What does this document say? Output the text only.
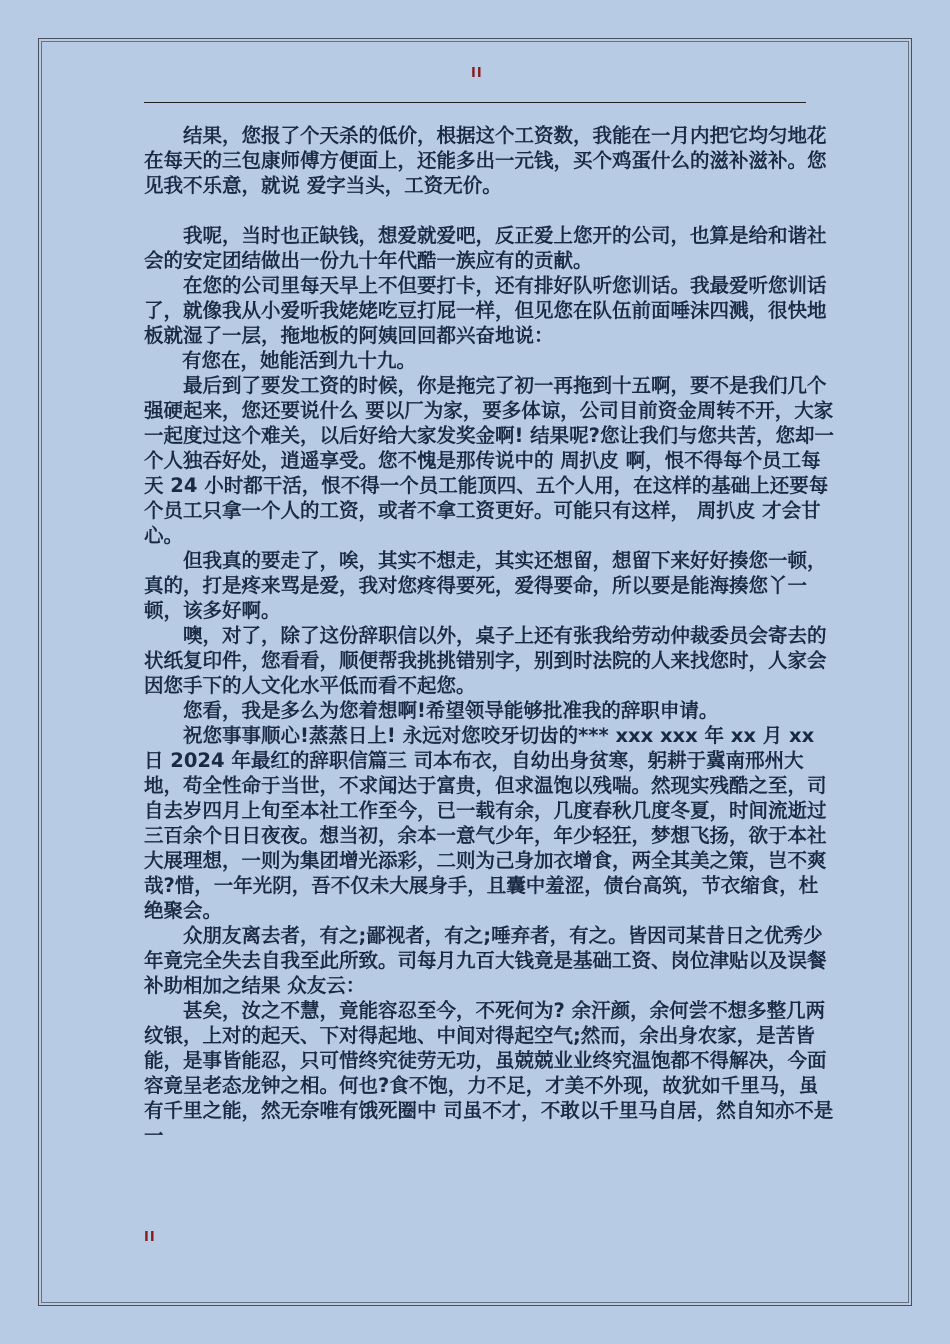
II

结果，您报了个天杀的低价，根据这个工资数，我能在一月内把它均匀地花在每天的三包康师傅方便面上，还能多出一元钱，买个鸡蛋什么的滋补滋补。您见我不乐意，就说 爱字当头，工资无价。

我呢，当时也正缺钱，想爱就爱吧，反正爱上您开的公司，也算是给和谐社会的安定团结做出一份九十年代酷一族应有的贡献。

在您的公司里每天早上不但要打卡，还有排好队听您训话。我最爱听您训话了，就像我从小爱听我姥姥吃豆打屁一样，但见您在队伍前面唾沫四溅，很快地板就湿了一层，拖地板的阿姨回回都兴奋地说：

有您在，她能活到九十九。

最后到了要发工资的时候，你是拖完了初一再拖到十五啊，要不是我们几个强硬起来，您还要说什么 要以厂为家，要多体谅，公司目前资金周转不开，大家一起度过这个难关，以后好给大家发奖金啊! 结果呢?您让我们与您共苦，您却一个人独吞好处，逍遥享受。您不愧是那传说中的 周扒皮 啊，恨不得每个员工每天 24 小时都干活，恨不得一个员工能顶四、五个人用，在这样的基础上还要每个员工只拿一个人的工资，或者不拿工资更好。可能只有这样， 周扒皮 才会甘心。

但我真的要走了，唉，其实不想走，其实还想留，想留下来好好揍您一顿，真的，打是疼来骂是爱，我对您疼得要死，爱得要命，所以要是能海揍您丫一顿，该多好啊。

噢，对了，除了这份辞职信以外，桌子上还有张我给劳动仲裁委员会寄去的状纸复印件，您看看，顺便帮我挑挑错别字，别到时法院的人来找您时，人家会因您手下的人文化水平低而看不起您。

您看，我是多么为您着想啊!希望领导能够批准我的辞职申请。

祝您事事顺心!蒸蒸日上! 永远对您咬牙切齿的*** xxx xxx 年 xx 月 xx 日 2024 年最红的辞职信篇三 司本布衣，自幼出身贫寒，躬耕于冀南邢州大地，苟全性命于当世，不求闻达于富贵，但求温饱以残喘。然现实残酷之至，司自去岁四月上旬至本社工作至今，已一载有余，几度春秋几度冬夏，时间流逝过三百余个日日夜夜。想当初，余本一意气少年，年少轻狂，梦想飞扬，欲于本社大展理想，一则为集团增光添彩，二则为己身加衣增食，两全其美之策，岂不爽哉?惜，一年光阴，吾不仅未大展身手，且囊中羞涩，债台高筑，节衣缩食，杜绝聚会。

众朋友离去者，有之;鄙视者，有之;唾弃者，有之。皆因司某昔日之优秀少年竟完全失去自我至此所致。司每月九百大钱竟是基础工资、岗位津贴以及误餐补助相加之结果 众友云：

甚矣，汝之不慧，竟能容忍至今，不死何为? 余汗颜，余何尝不想多整几两纹银，上对的起天、下对得起地、中间对得起空气;然而，余出身农家，是苦皆能，是事皆能忍，只可惜终究徒劳无功，虽兢兢业业终究温饱都不得解决，今面容竟呈老态龙钟之相。何也?食不饱，力不足，才美不外现，故犹如千里马，虽有千里之能，然无奈唯有饿死圈中 司虽不才，不敢以千里马自居，然自知亦不是一

II
